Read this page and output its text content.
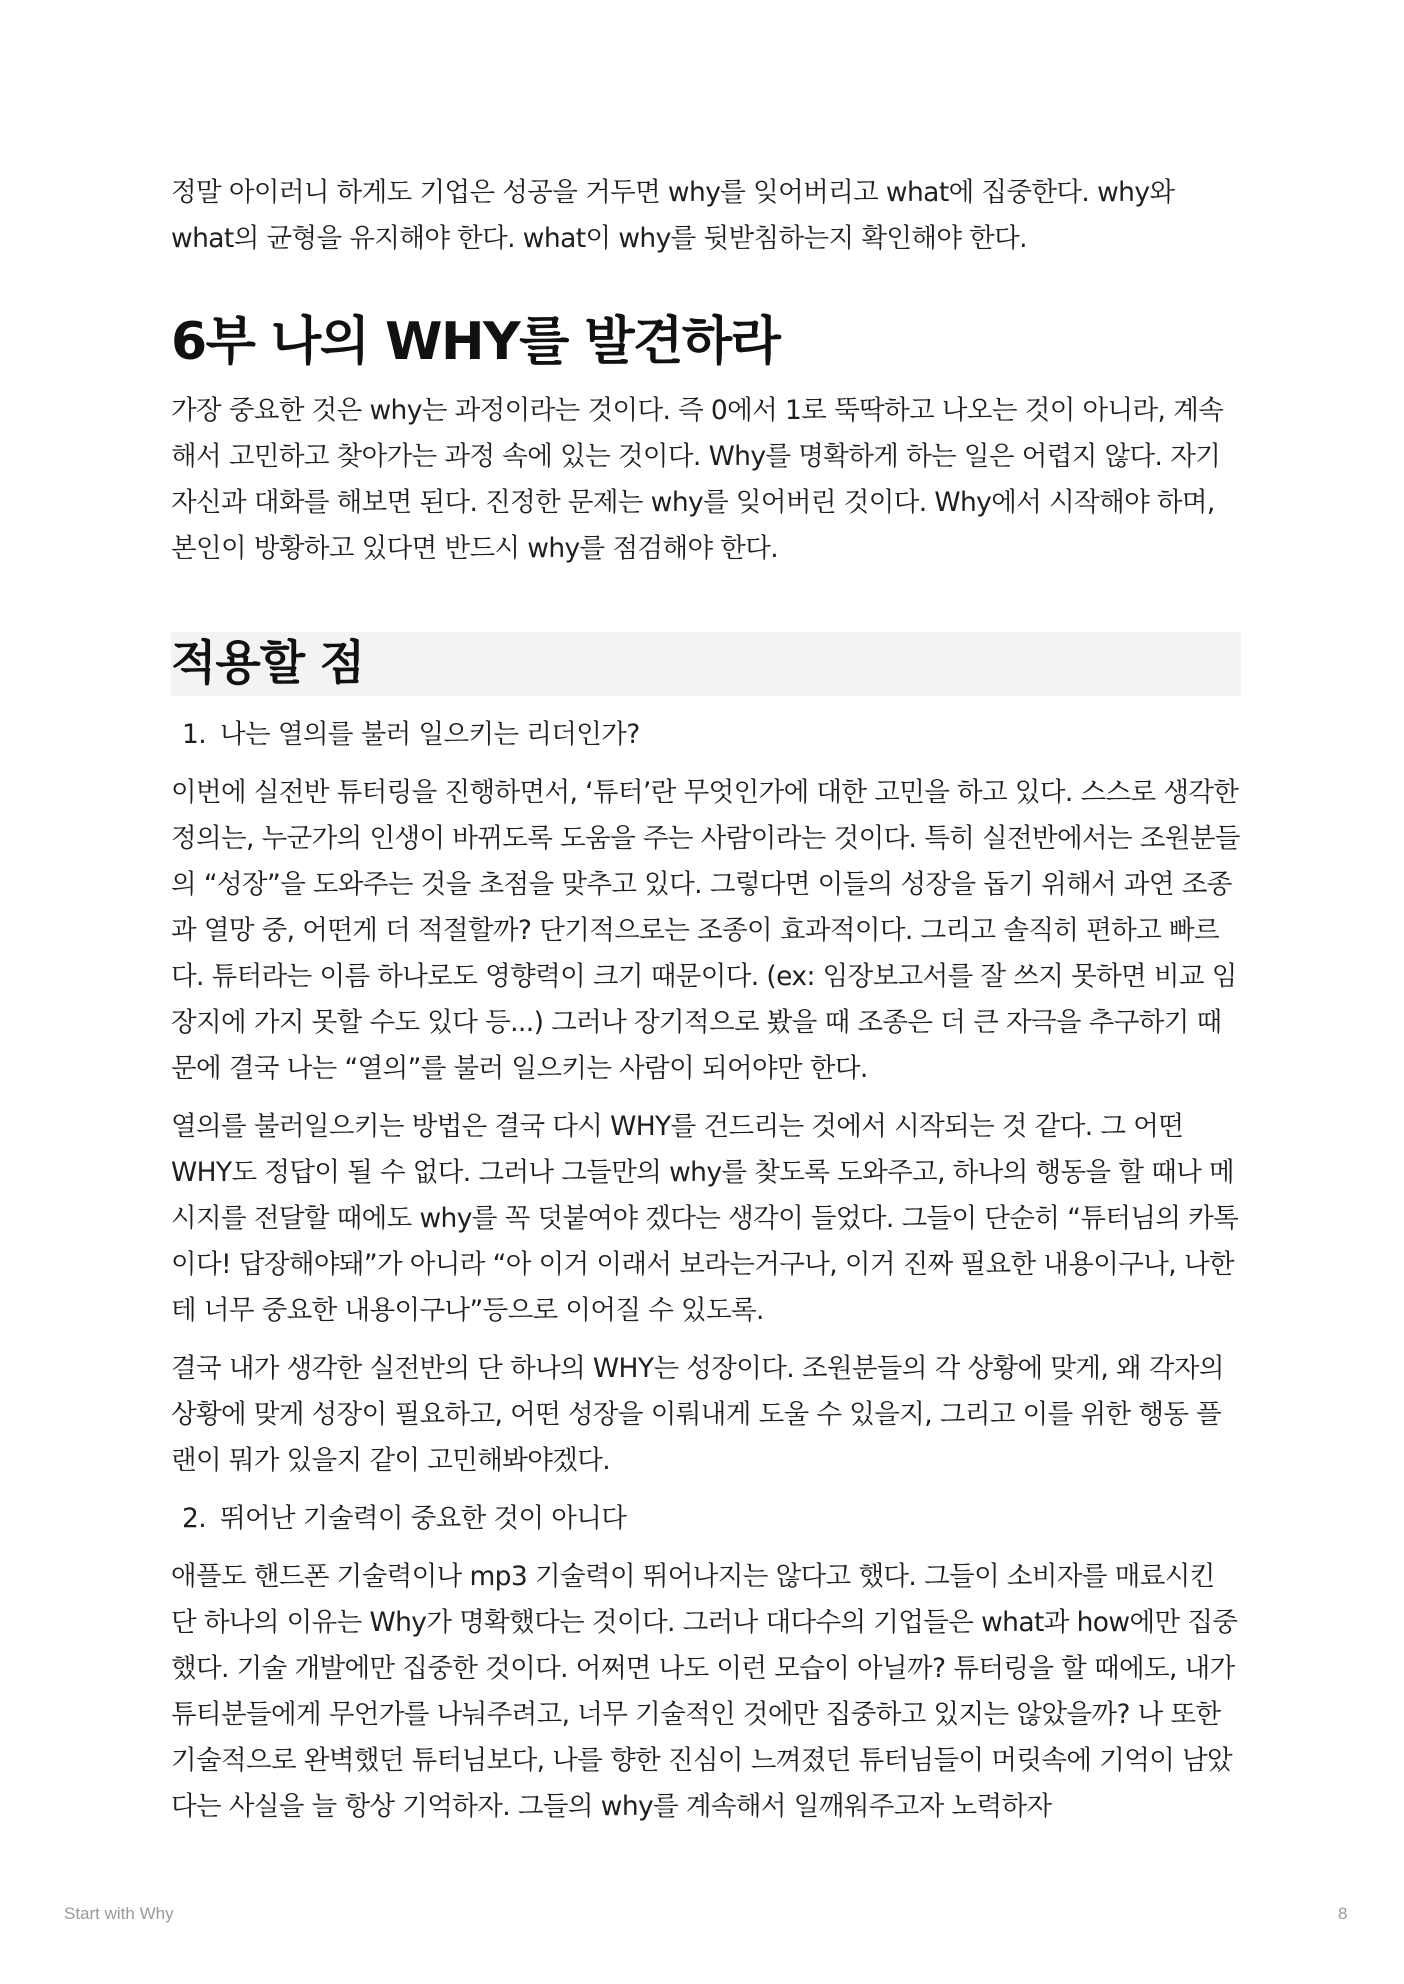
정말 아이러니 하게도 기업은 성공을 거두면 why를 잊어버리고 what에 집중한다. why와 what의 균형을 유지해야 한다. what이 why를 뒷받침하는지 확인해야 한다.

6부 나의 WHY를 발견하라

가장 중요한 것은 why는 과정이라는 것이다. 즉 0에서 1로 뚝딱하고 나오는 것이 아니라, 계속해서 고민하고 찾아가는 과정 속에 있는 것이다. Why를 명확하게 하는 일은 어렵지 않다. 자기 자신과 대화를 해보면 된다. 진정한 문제는 why를 잊어버린 것이다. Why에서 시작해야 하며, 본인이 방황하고 있다면 반드시 why를 점검해야 한다.

적용할 점
1. 나는 열의를 불러 일으키는 리더인가?

이번에 실전반 튜터링을 진행하면서, ‘튜터’란 무엇인가에 대한 고민을 하고 있다. 스스로 생각한 정의는, 누군가의 인생이 바뀌도록 도움을 주는 사람이라는 것이다. 특히 실전반에서는 조원분들의 “성장”을 도와주는 것을 초점을 맞추고 있다. 그렇다면 이들의 성장을 돕기 위해서 과연 조종과 열망 중, 어떤게 더 적절할까? 단기적으로는 조종이 효과적이다. 그리고 솔직히 편하고 빠르다. 튜터라는 이름 하나로도 영향력이 크기 때문이다. (ex: 임장보고서를 잘 쓰지 못하면 비교 임장지에 가지 못할 수도 있다 등...) 그러나 장기적으로 봤을 때 조종은 더 큰 자극을 추구하기 때문에 결국 나는 “열의”를 불러 일으키는 사람이 되어야만 한다.

열의를 불러일으키는 방법은 결국 다시 WHY를 건드리는 것에서 시작되는 것 같다. 그 어떤 WHY도 정답이 될 수 없다. 그러나 그들만의 why를 찾도록 도와주고, 하나의 행동을 할 때나 메시지를 전달할 때에도 why를 꼭 덧붙여야 겠다는 생각이 들었다. 그들이 단순히 “튜터님의 카톡이다! 답장해야돼”가 아니라 “아 이거 이래서 보라는거구나, 이거 진짜 필요한 내용이구나, 나한테 너무 중요한 내용이구나”등으로 이어질 수 있도록.

결국 내가 생각한 실전반의 단 하나의 WHY는 성장이다. 조원분들의 각 상황에 맞게, 왜 각자의 상황에 맞게 성장이 필요하고, 어떤 성장을 이뤄내게 도울 수 있을지, 그리고 이를 위한 행동 플랜이 뭐가 있을지 같이 고민해봐야겠다.

2. 뛰어난 기술력이 중요한 것이 아니다

애플도 핸드폰 기술력이나 mp3 기술력이 뛰어나지는 않다고 했다. 그들이 소비자를 매료시킨 단 하나의 이유는 Why가 명확했다는 것이다. 그러나 대다수의 기업들은 what과 how에만 집중했다. 기술 개발에만 집중한 것이다. 어쩌면 나도 이런 모습이 아닐까? 튜터링을 할 때에도, 내가 튜티분들에게 무언가를 나눠주려고, 너무 기술적인 것에만 집중하고 있지는 않았을까? 나 또한 기술적으로 완벽했던 튜터님보다, 나를 향한 진심이 느껴졌던 튜터님들이 머릿속에 기억이 남았다는 사실을 늘 항상 기억하자. 그들의 why를 계속해서 일깨워주고자 노력하자

Start with Why	8
